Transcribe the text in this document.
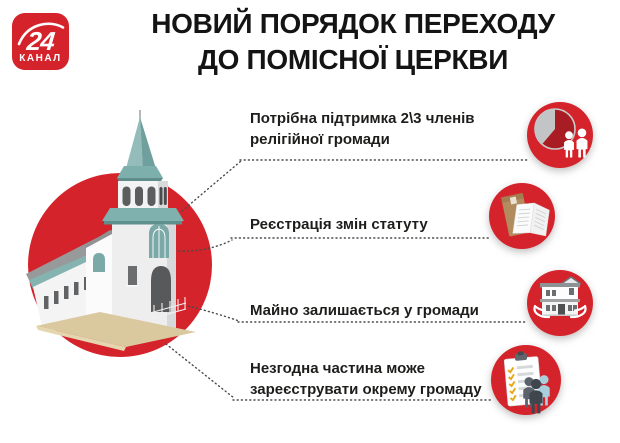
24
КАНАЛ
НОВИЙ ПОРЯДОК ПЕРЕХОДУ
ДО ПОМІСНОЇ ЦЕРКВИ
Потрібна підтримка 2\3 членів
релігійної громади
Реєстрація змін статуту
Майно залишається у громади
Незгодна частина може
зареєструвати окрему громаду
